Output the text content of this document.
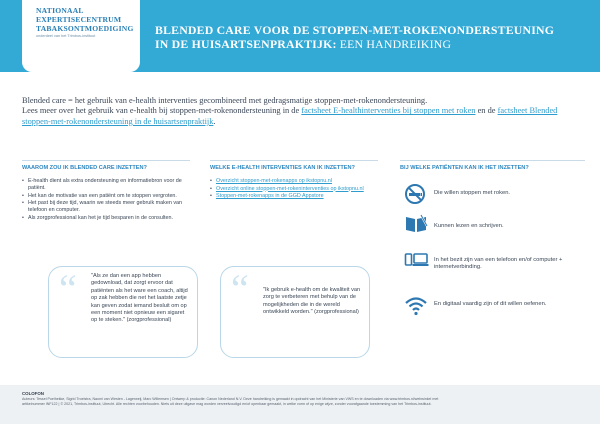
NATIONAAL
EXPERTISECENTRUM
TABAKSONTMOEDIGING
onderdeel van het Trimbos-instituut	BLENDED CARE VOOR DE STOPPEN-MET-ROKENONDERSTEUNING
IN DE HUISARTSENPRAKTIJK: EEN HANDREIKING
Blended care = het gebruik van e-health interventies gecombineerd met gedragsmatige stoppen-met-rokenondersteuning.
Lees meer over het gebruik van e-health bij stoppen-met-rokenondersteuning in de factsheet E-healthinterventies bij stoppen met roken en de factsheet Blended stoppen-met-rokenondersteuning in de huisartsenpraktijk.
WAAROM ZOU IK BLENDED CARE INZETTEN?
• E-health dient als extra ondersteuning en informatiebron voor de patiënt.
• Het kan de motivatie van een patiënt om te stoppen vergroten.
• Het past bij deze tijd, waarin we steeds meer gebruik maken van telefoon en computer.
• Als zorgprofessional kan het je tijd besparen in de consulten.
WELKE E-HEALTH INTERVENTIES KAN IK INZETTEN?
• Overzicht stoppen-met-rokenapps op ikstopnu.nl
• Overzicht online stoppen-met-rokeninterventies op ikstopnu.nl
• Stoppen-met-rokenapps in de GGD Appstore
BIJ WELKE PATIËNTEN KAN IK HET INZETTEN?
Die willen stoppen met roken.
Kunnen lezen en schrijven.
In het bezit zijn van een telefoon en/of computer + internetverbinding.
En digitaal vaardig zijn of dit willen oefenen.
“	"Als ze dan een app hebben gedownload, dat zorgt ervoor dat patiënten als het ware een coach, altijd op zak hebben die net het laatste zetje kan geven zodat iemand besluit om op een moment niet opnieuw een sigaret op te steken." (zorgprofessional)
“	"Ik gebruik e-health om de kwaliteit van zorg te verbeteren met behulp van de mogelijkheden die in de wereld ontwikkeld worden." (zorgprofessional)
COLOFON
Auteurs: Tessel Poelhekke, Sigrid Troelstra, Naomi van Westen - Lagerweij, Marc Willemsen | Ontwerp & productie: Canon Nederland N.V. Deze handreiking is gemaakt in opdracht van het Ministerie van VWS en te downloaden via www.trimbos.nl/webwinkel met
artikelnummer INF122 | © 2021, Trimbos-instituut, Utrecht. Alle rechten voorbehouden. Niets uit deze uitgave mag worden verveelvoudigd en/of openbaar gemaakt, in welke vorm of op enige wijze, zonder voorafgaande toestemming van het Trimbos-instituut.
